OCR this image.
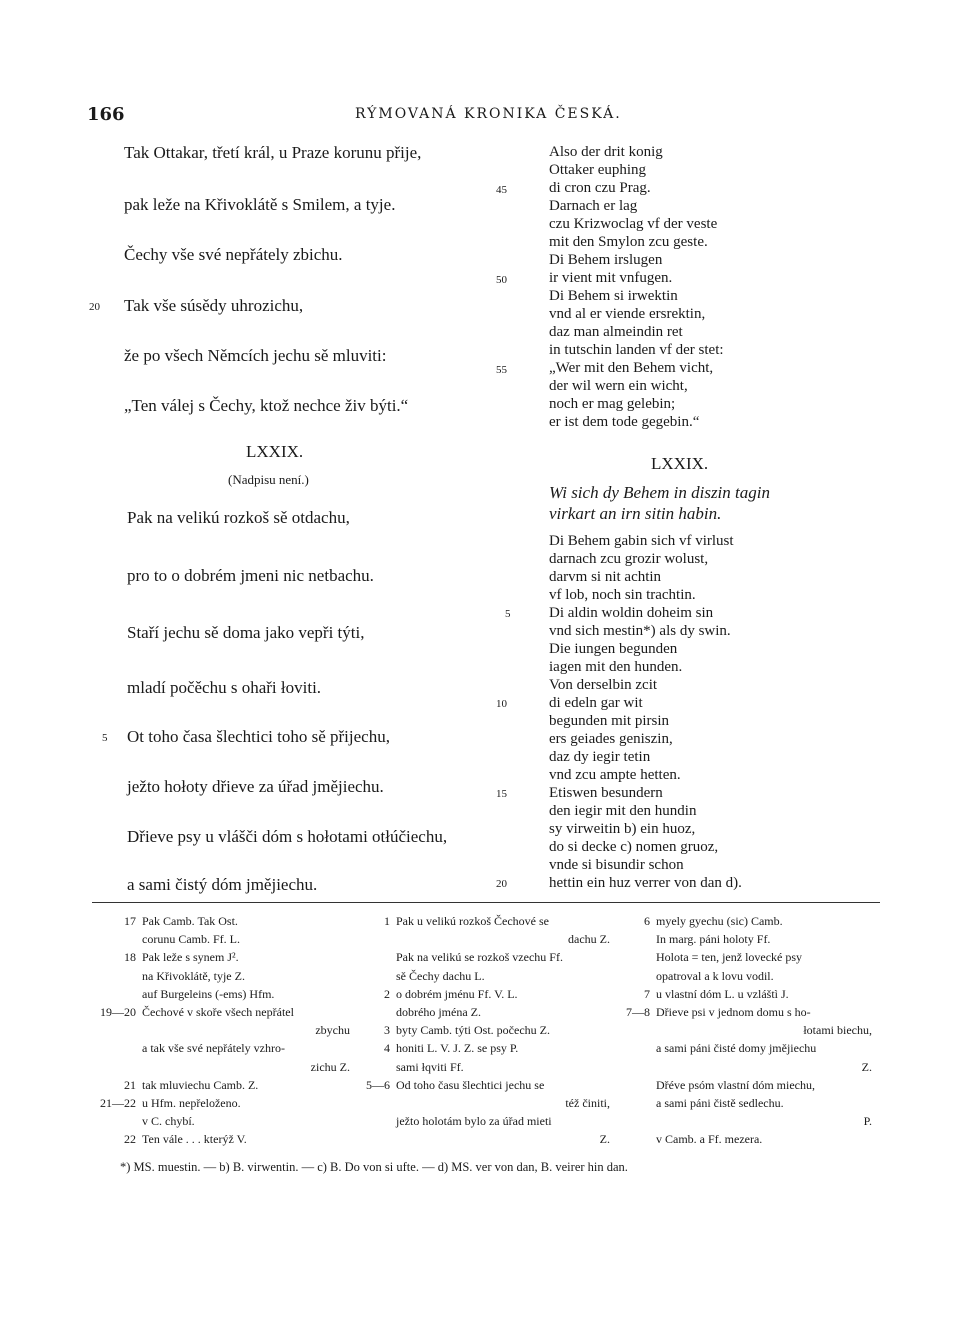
166	RÝMOVANÁ KRONIKA ČESKÁ.
Tak Ottakar, třetí král, u Praze korunu přije,
pak leže na Křivoklátě s Smilem, a tyje.
Čechy vše své nepřátely zbichu.
20 Tak vše súsědy uhrozichu,
že po všech Němcích jechu sě mluviti:
„Ten válej s Čechy, ktož nechce živ býti.“
45
50
55
Also der drit konig
Ottaker euphing
di cron czu Prag.
Darnach er lag
czu Krizwoclag vf der veste
mit den Smylon zcu geste.
Di Behem irslugen
ir vient mit vnfugen.
Di Behem si irwektin
vnd al er viende ersrektin,
daz man almeindin ret
in tutschin landen vf der stet:
„Wer mit den Behem vicht,
der wil wern ein wicht,
noch er mag gelebin;
er ist dem tode gegebin.“
LXXIX.
(Nadpisu není.)
LXXIX.
Wi sich dy Behem in diszin tagin
virkart an irn sitin habin.
Pak na velikú rozkoš sě otdachu,
pro to o dobrém jmeni nic netbachu.
Staří jechu sě doma jako vepři týti,
mladí počěchu s ohaři łoviti.
5 Ot toho časa šlechtici toho sě přijechu,
ježto hołoty dřieve za úřad jmějiechu.
Dřieve psy u vlášči dóm s hołotami otłúčiechu,
a sami čistý dóm jmějiechu.
5
10
15
20
Di Behem gabin sich vf virlust
darnach zcu grozir wolust,
darvm si nit achtin
vf lob, noch sin trachtin.
Di aldin woldin doheim sin
vnd sich mestin*) als dy swin.
Die iungen begunden
iagen mit den hunden.
Von derselbin zcit
di edeln gar wit
begunden mit pirsin
ers geiades geniszin,
daz dy iegir tetin
vnd zcu ampte hetten.
Etiswen besundern
den iegir mit den hundin
sy virweitin b) ein huoz,
do si decke c) nomen gruoz,
vnde si bisundir schon
hettin ein huz verrer von dan d).
17 Pak Camb. Tak Ost.
corunu Camb. Ff. L.
18 Pak leže s synem J².
na Křivoklátě, tyje Z.
auf Burgeleins (-ems) Hfm.
19—20 Čechové v skoře všech nepřátel
zbychu
a tak vše své nepřátely vzhro-
zichu Z.
21 tak mluviechu Camb. Z.
21—22 u Hfm. nepřeloženo.
v C. chybí.
22 Ten vále . . . kterýž V.
1 Pak u velikú rozkoš Čechové se
dachu Z.
Pak na velikú se rozkoš vzechu Ff.
sě Čechy dachu L.
2 o dobrém jménu Ff. V. L.
dobrého jména Z.
3 byty Camb. týti Ost. počechu Z.
4 honiti L. V. J. Z. se psy P.
sami łqviti Ff.
5—6 Od toho času šlechtici jechu se
též činiti,
ježto holotám bylo za úřad mieti
Z.
6 myely gyechu (sic) Camb.
In marg. páni holoty Ff.
Holota = ten, jenž lovecké psy
opatroval a k lovu vodil.
7 u vlastní dóm L. u vzláštì J.
7—8 Dřieve psi v jednom domu s ho-
łotami biechu,
a sami páni čisté domy jmějiechu
Z.
Dřéve psóm vlastní dóm miechu,
a sami páni čistě sedlechu.
P.
v Camb. a Ff. mezera.
*) MS. muestin. — b) B. virwentin. — c) B. Do von si ufte. — d) MS. ver von dan, B. veirer hin dan.
